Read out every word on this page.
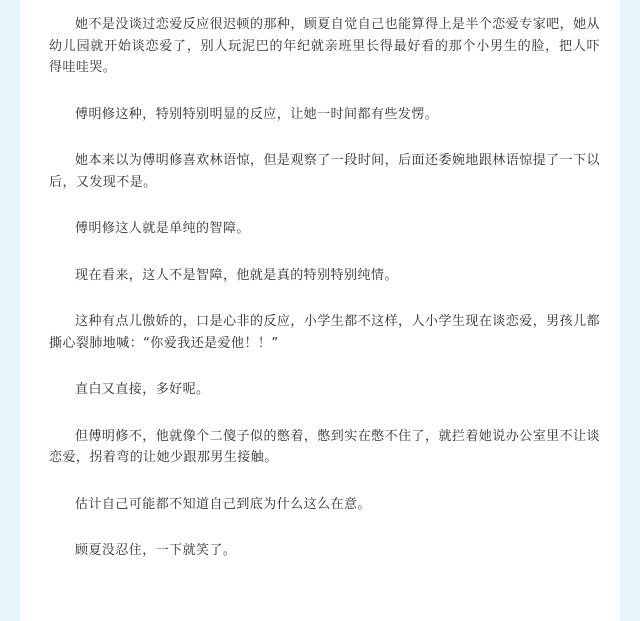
她不是没谈过恋爱反应很迟顿的那种，顾夏自觉自己也能算得上是半个恋爱专家吧，她从幼儿园就开始谈恋爱了，别人玩泥巴的年纪就亲班里长得最好看的那个小男生的脸，把人吓得哇哇哭。

傅明修这种，特别特别明显的反应，让她一时间都有些发愣。

她本来以为傅明修喜欢林语惊，但是观察了一段时间，后面还委婉地跟林语惊提了一下以后，又发现不是。

傅明修这人就是单纯的智障。

现在看来，这人不是智障，他就是真的特别特别纯情。

这种有点儿傲娇的，口是心非的反应，小学生都不这样，人小学生现在谈恋爱，男孩儿都撕心裂肺地喊：“你爱我还是爱他！！”

直白又直接，多好呢。

但傅明修不，他就像个二傻子似的憋着，憋到实在憋不住了，就拦着她说办公室里不让谈恋爱，拐着弯的让她少跟那男生接触。

估计自己可能都不知道自己到底为什么这么在意。

顾夏没忍住，一下就笑了。
